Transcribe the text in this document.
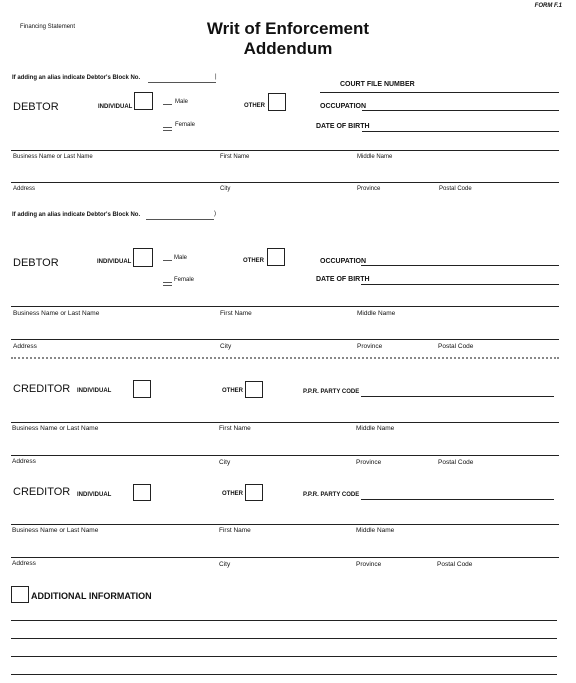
FORM F.1
Financing Statement	Writ of Enforcement
Addendum
If adding an alias indicate Debtor's Block No.	|
COURT FILE NUMBER
DEBTOR	INDIVIDUAL
Male
Female
OTHER	OCCUPATION
DATE OF BIRTH
Business Name or Last Name	First Name	Middle Name
Address	City	Province	Postal Code
If adding an alias indicate Debtor's Block No.	)
DEBTOR	INDIVIDUAL
Male
Female
OTHER	OCCUPATION
DATE OF BIRTH
Business Name or Last Name	First Name	Middle Name
Address	City	Province	Postal Code
CREDITOR INDIVIDUAL	OTHER	P.P.R. PARTY CODE
Business Name or Last Name	First Name	Middle Name
Address	City	Province	Postal Code
CREDITOR INDIVIDUAL	OTHER	P.P.R. PARTY CODE
Business Name or Last Name	First Name	Middle Name
Address	City	Province	Postal Code
ADDITIONAL INFORMATION
